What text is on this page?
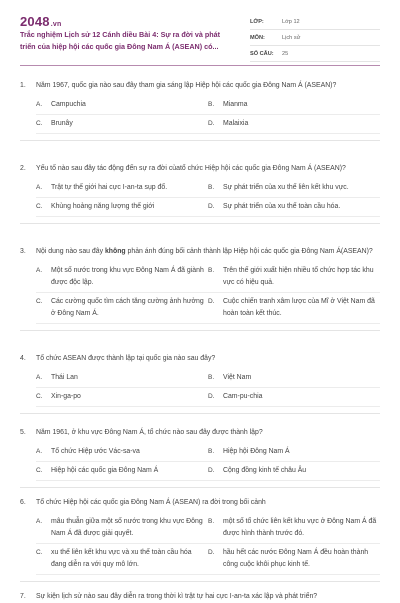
2048.vn
Trắc nghiệm Lịch sử 12 Cánh diều Bài 4: Sự ra đời và phát triển của hiệp hội các quốc gia Đông Nam Á (ASEAN) có...
LỚP:	Lớp 12
MÔN:	Lịch sử
SỐ CÂU:	25
1.	Năm 1967, quốc gia nào sau đây tham gia sáng lập Hiệp hội các quốc gia Đông Nam Á (ASEAN)?
A.	Campuchia	B.	Mianma
C.	Brunây	D.	Malaixia
2.	Yếu tố nào sau đây tác động đến sự ra đời củatổ chức Hiệp hội các quốc gia Đông Nam Á (ASEAN)?
A.	Trật tự thế giới hai cực I-an-ta sụp đổ.	B.	Sự phát triển của xu thế liên kết khu vực.
C.	Khủng hoảng năng lượng thế giới	D.	Sự phát triển của xu thế toàn cầu hóa.
3.	Nội dung nào sau đây không phản ánh đúng bối cảnh thành lập Hiệp hội các quốc gia Đông Nam Á(ASEAN)?
A.	Một số nước trong khu vực Đông Nam Á đã giành được độc lập.
B.	Trên thế giới xuất hiện nhiều tổ chức hợp tác khu vực có hiệu quả.
C.	Các cường quốc tìm cách tăng cường ảnh hưởng ở Đông Nam Á.
D.	Cuộc chiến tranh xâm lược của Mĩ ở Việt Nam đã hoàn toàn kết thúc.
4.	Tổ chức ASEAN được thành lập tại quốc gia nào sau đây?
A.	Thái Lan	B.	Việt Nam
C.	Xin-ga-po	D.	Cam-pu-chia
5.	Năm 1961, ở khu vực Đông Nam Á, tổ chức nào sau đây được thành lập?
A.	Tổ chức Hiệp ước Vác-sa-va	B.	Hiệp hội Đông Nam Á
C.	Hiệp hội các quốc gia Đông Nam Á	D.	Cộng đồng kinh tế châu Âu
6.	Tổ chức Hiệp hội các quốc gia Đông Nam Á (ASEAN) ra đời trong bối cảnh
A.	mâu thuẫn giữa một số nước trong khu vực Đông Nam Á đã được giải quyết.
B.	một số tổ chức liên kết khu vực ở Đông Nam Á đã được hình thành trước đó.
C.	xu thế liên kết khu vực và xu thế toàn cầu hóa đang diễn ra với quy mô lớn.
D.	hầu hết các nước Đông Nam Á đều hoàn thành công cuộc khôi phục kinh tế.
7.	Sự kiện lịch sử nào sau đây diễn ra trong thời kì trật tự hai cực I-an-ta xác lập và phát triển?
